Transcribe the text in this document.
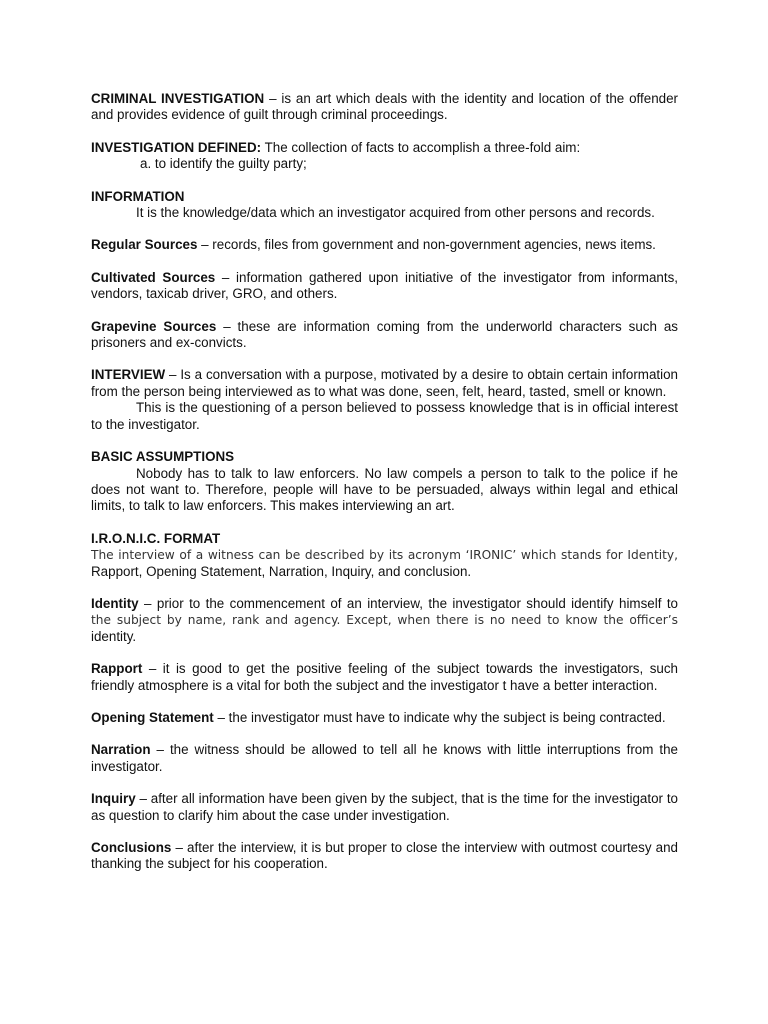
CRIMINAL INVESTIGATION – is an art which deals with the identity and location of the offender and provides evidence of guilt through criminal proceedings.

INVESTIGATION DEFINED: The collection of facts to accomplish a three-fold aim:
a. to identify the guilty party;

INFORMATION
It is the knowledge/data which an investigator acquired from other persons and records.

Regular Sources – records, files from government and non-government agencies, news items.

Cultivated Sources – information gathered upon initiative of the investigator from informants, vendors, taxicab driver, GRO, and others.

Grapevine Sources – these are information coming from the underworld characters such as prisoners and ex-convicts.

INTERVIEW – Is a conversation with a purpose, motivated by a desire to obtain certain information from the person being interviewed as to what was done, seen, felt, heard, tasted, smell or known.

This is the questioning of a person believed to possess knowledge that is in official interest to the investigator.

BASIC ASSUMPTIONS

Nobody has to talk to law enforcers. No law compels a person to talk to the police if he does not want to. Therefore, people will have to be persuaded, always within legal and ethical limits, to talk to law enforcers. This makes interviewing an art.

I.R.O.N.I.C. FORMAT
The interview of a witness can be described by its acronym ‘IRONIC’ which stands for Identity, Rapport, Opening Statement, Narration, Inquiry, and conclusion.

Identity – prior to the commencement of an interview, the investigator should identify himself to the subject by name, rank and agency. Except, when there is no need to know the officer’s identity.

Rapport – it is good to get the positive feeling of the subject towards the investigators, such friendly atmosphere is a vital for both the subject and the investigator t have a better interaction.

Opening Statement – the investigator must have to indicate why the subject is being contracted.

Narration – the witness should be allowed to tell all he knows with little interruptions from the investigator.

Inquiry – after all information have been given by the subject, that is the time for the investigator to as question to clarify him about the case under investigation.

Conclusions – after the interview, it is but proper to close the interview with outmost courtesy and thanking the subject for his cooperation.
